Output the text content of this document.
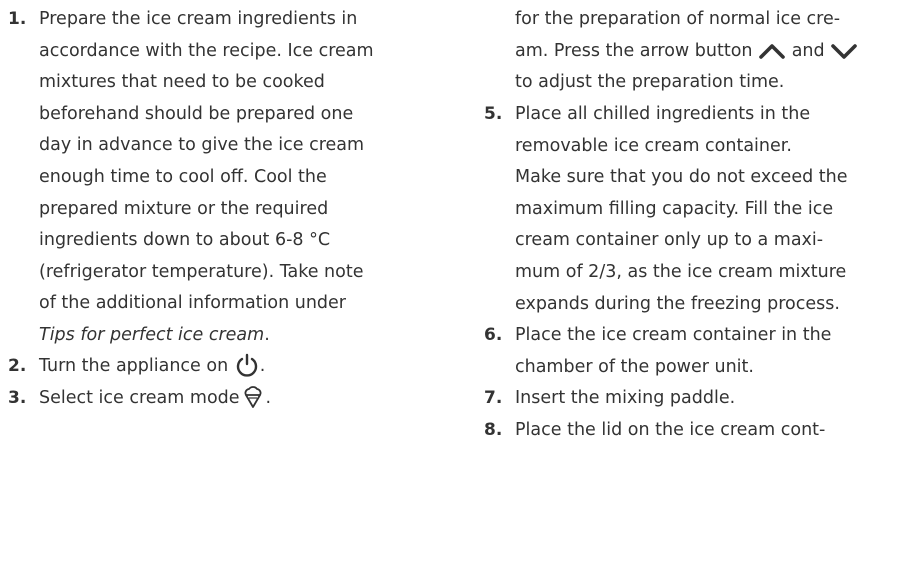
1. Prepare the ice cream ingredients in
accordance with the recipe. Ice cream
mixtures that need to be cooked
beforehand should be prepared one
day in advance to give the ice cream
enough time to cool off. Cool the
prepared mixture or the required
ingredients down to about 6-8 °C
(refrigerator temperature). Take note
of the additional information under
Tips for perfect ice cream.
2. Turn the appliance on .
3. Select ice cream mode .
for the preparation of normal ice cre-
am. Press the arrow button and
to adjust the preparation time.
5. Place all chilled ingredients in the
removable ice cream container.
Make sure that you do not exceed the
maximum filling capacity. Fill the ice
cream container only up to a maxi-
mum of 2/3, as the ice cream mixture
expands during the freezing process.
6. Place the ice cream container in the
chamber of the power unit.
7. Insert the mixing paddle.
8. Place the lid on the ice cream cont-
